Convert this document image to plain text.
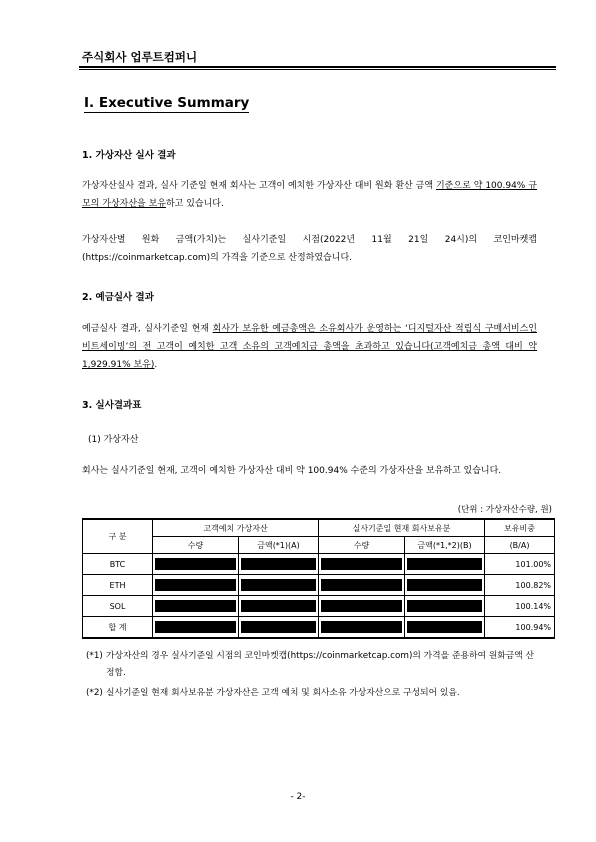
주식회사 업루트컴퍼니
Ⅰ. Executive Summary
1. 가상자산 실사 결과
가상자산실사 결과, 실사 기준일 현재 회사는 고객이 예치한 가상자산 대비 원화 환산 금액 기준으로 약 100.94% 규모의 가상자산을 보유하고 있습니다.
가상자산별 원화 금액(가치)는 실사기준일 시점(2022년 11월 21일 24시)의 코인마켓캡(https://coinmarketcap.com)의 가격을 기준으로 산정하였습니다.
2. 예금실사 결과
예금실사 결과, 실사기준일 현재 회사가 보유한 예금총액은 소유회사가 운영하는 ‘디지털자산 적립식 구매서비스인 비트세이빙’의 전 고객이 예치한 고객 소유의 고객예치금 총액을 초과하고 있습니다(고객예치금 총액 대비 약 1,929.91% 보유).
3. 실사결과표
(1) 가상자산
회사는 실사기준일 현재, 고객이 예치한 가상자산 대비 약 100.94% 수준의 가상자산을 보유하고 있습니다.
(단위 : 가상자산수량, 원)
구 분	고객예치 가상자산		실사기준일 현재 회사보유분		보유비중
	수량	금액(*1)(A)	수량	금액(*1,*2)(B)	(B/A)
BTC					101.00%
ETH					100.82%
SOL					100.14%
합 계					100.94%
(*1) 가상자산의 경우 실사기준일 시점의 코인마켓캡(https://coinmarketcap.com)의 가격을 준용하여 원화금액 산정함.
(*2) 실사기준일 현재 회사보유분 가상자산은 고객 예치 및 회사소유 가상자산으로 구성되어 있음.
- 2-
